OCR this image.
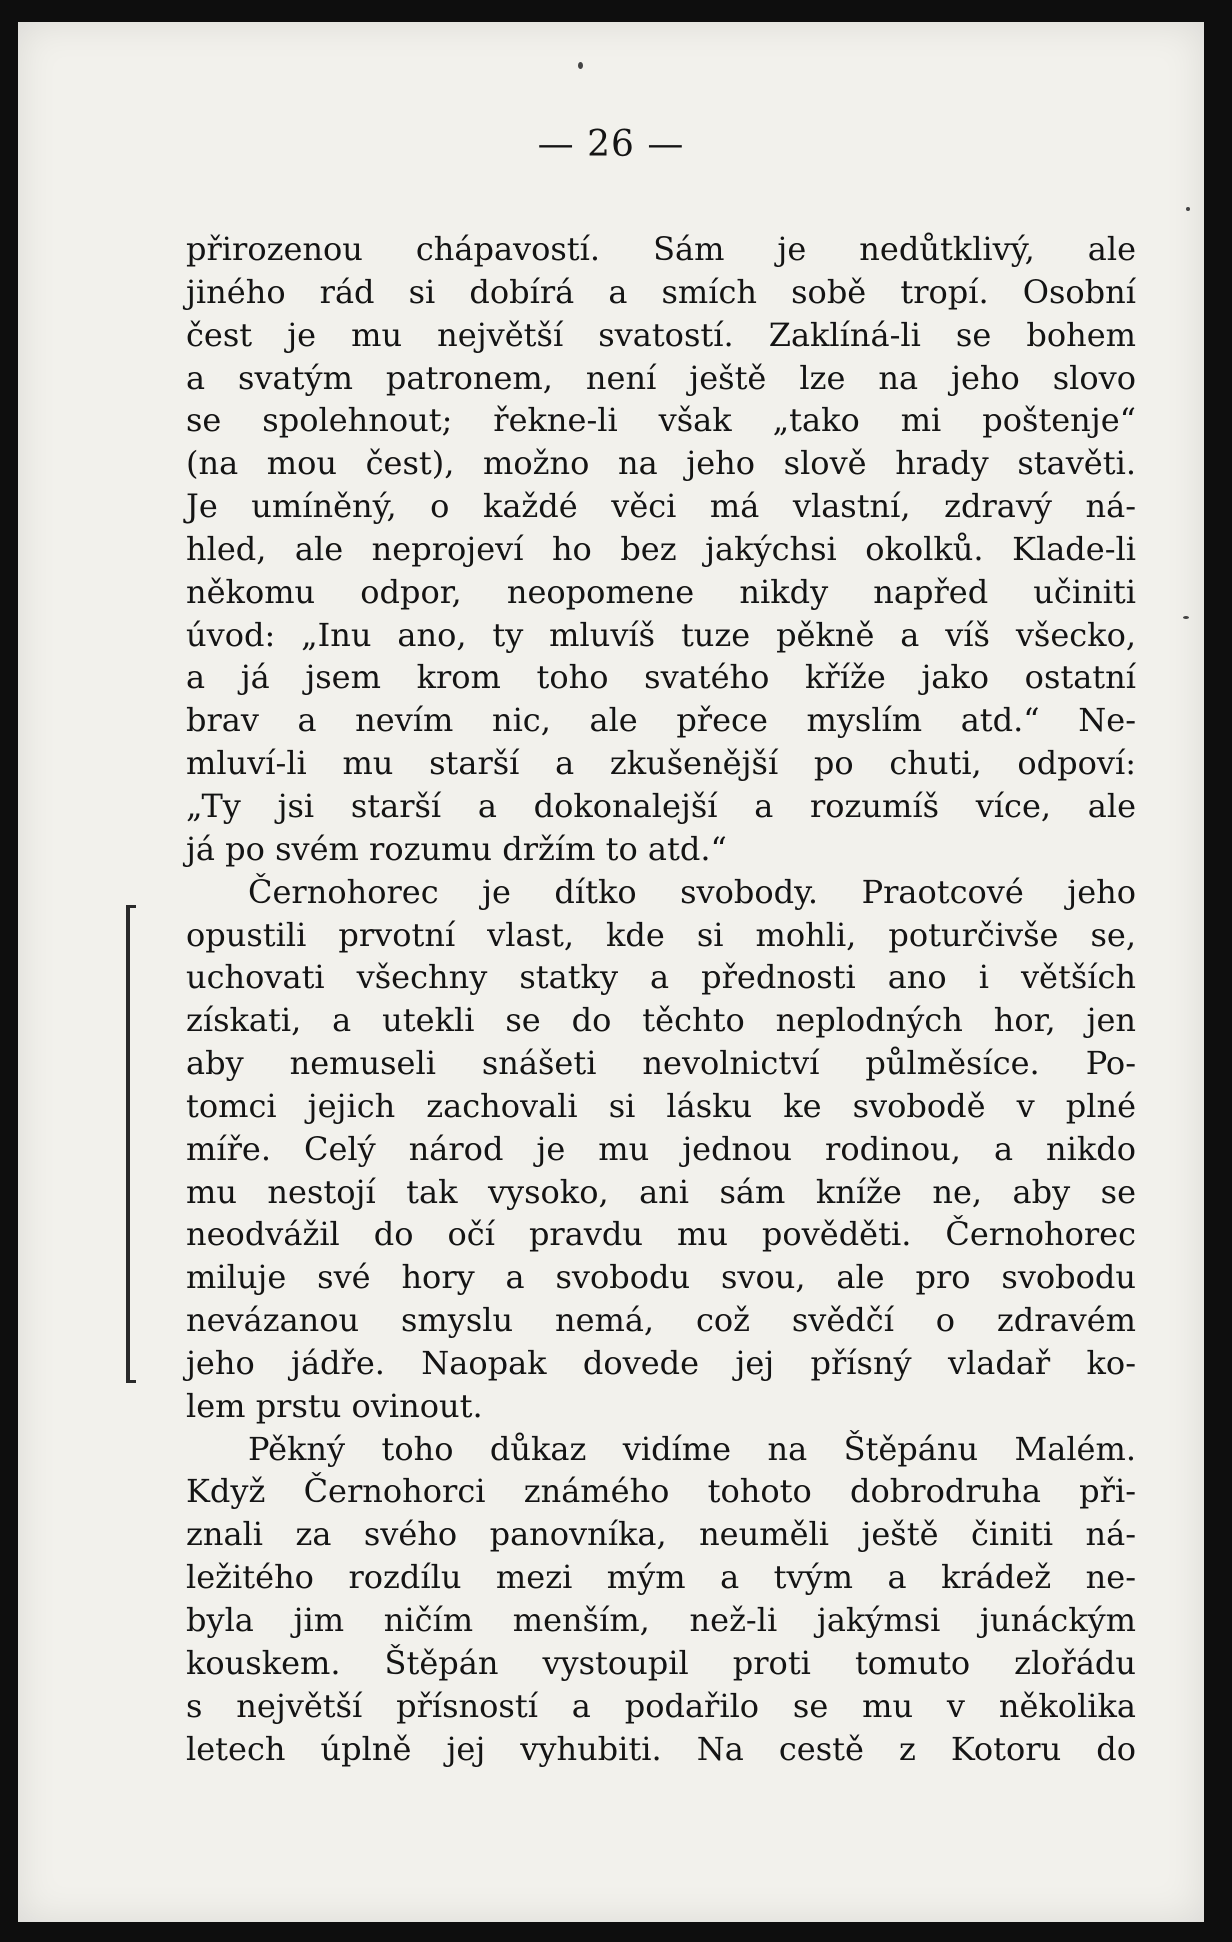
— 26 —
přirozenou chápavostí. Sám je nedůtklivý, ale
jiného rád si dobírá a smích sobě tropí. Osobní
čest je mu největší svatostí. Zaklíná-li se bohem
a svatým patronem, není ještě lze na jeho slovo
se spolehnout; řekne-li však „tako mi poštenje“
(na mou čest), možno na jeho slově hrady stavěti.
Je umíněný, o každé věci má vlastní, zdravý ná-
hled, ale neprojeví ho bez jakýchsi okolků. Klade-li
někomu odpor, neopomene nikdy napřed učiniti
úvod: „Inu ano, ty mluvíš tuze pěkně a víš všecko,
a já jsem krom toho svatého kříže jako ostatní
brav a nevím nic, ale přece myslím atd.“ Ne-
mluví-li mu starší a zkušenější po chuti, odpoví:
„Ty jsi starší a dokonalejší a rozumíš více, ale
já po svém rozumu držím to atd.“
Černohorec je dítko svobody. Praotcové jeho
opustili prvotní vlast, kde si mohli, poturčivše se,
uchovati všechny statky a přednosti ano i větších
získati, a utekli se do těchto neplodných hor, jen
aby nemuseli snášeti nevolnictví půlměsíce. Po-
tomci jejich zachovali si lásku ke svobodě v plné
míře. Celý národ je mu jednou rodinou, a nikdo
mu nestojí tak vysoko, ani sám kníže ne, aby se
neodvážil do očí pravdu mu pověděti. Černohorec
miluje své hory a svobodu svou, ale pro svobodu
nevázanou smyslu nemá, což svědčí o zdravém
jeho jádře. Naopak dovede jej přísný vladař ko-
lem prstu ovinout.
Pěkný toho důkaz vidíme na Štěpánu Malém.
Když Černohorci známého tohoto dobrodruha při-
znali za svého panovníka, neuměli ještě činiti ná-
ležitého rozdílu mezi mým a tvým a krádež ne-
byla jim ničím menším, než-li jakýmsi junáckým
kouskem. Štěpán vystoupil proti tomuto zlořádu
s největší přísností a podařilo se mu v několika
letech úplně jej vyhubiti. Na cestě z Kotoru do
